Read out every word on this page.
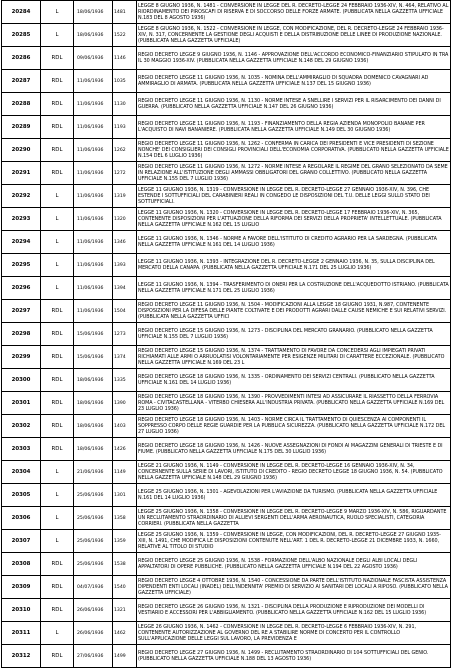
20284	L	18/06/1936	1481	LEGGE 8 GIUGNO 1936, N. 1481 - CONVERSIONE IN LEGGE DEL R. DECRETO-LEGGE 24 FEBBRAIO 1936-XIV, N. 464, RELATIVO AL RIORDINAMENTO DEI PIROSCAFI DI RISERVA E DI SOCCORSO DELLE FORZE ARMATE. (PUBBLICATA NELLA GAZZETTA UFFICIALE N.183 DEL 8 AGOSTO 1936)
20285	L	18/06/1936	1522	LEGGE 8 GIUGNO 1936, N. 1522 - CONVERSIONE IN LEGGE, CON MODIFICAZIONE, DEL R. DECRETO-LEGGE 24 FEBBRAIO 1936-XIV, N. 317, CONCERNENTE LA GESTIONE DEGLI ACQUISTI E DELLA DISTRIBUZIONE DELLE LINEE DI PRODUZIONE NAZIONALE. (PUBBLICATA NELLA GAZZETTA UFFICIALE)
20286	RDL	09/06/1936	1146	REGIO DECRETO LEGGE 9 GIUGNO 1936, N. 1146 - APPROVAZIONE DELL'ACCORDO ECONOMICO-FINANZIARIO STIPULATO IN TRA IL 30 MAGGIO 1936-XIV. (PUBBLICATA NELLA GAZZETTA UFFICIALE N.148 DEL 29 GIUGNO 1936)
20287	RDL	11/06/1936	1035	REGIO DECRETO LEGGE 11 GIUGNO 1936, N. 1035 - NOMINA DELL'AMMIRAGLIO DI SQUADRA DOMENICO CAVAGNARI AD AMMIRAGLIO DI ARMATA. (PUBBLICATA NELLA GAZZETTA UFFICIALE N.137 DEL 15 GIUGNO 1936)
20288	RDL	11/06/1936	1130	REGIO DECRETO LEGGE 11 GIUGNO 1936, N. 1130 - NORME INTESE A SNELLIRE I SERVIZI PER IL RISARCIMENTO DEI DANNI DI GUERRA. (PUBBLICATO NELLA GAZZETTA UFFICIALE N.147 DEL 26 GIUGNO 1936)
20289	RDL	11/06/1936	1193	REGIO DECRETO LEGGE 11 GIUGNO 1936, N. 1193 - FINANZIAMENTO DELLA REGIA AZIENDA MONOPOLIO BANANE PER L'ACQUISTO DI NAVI BANANIERE. (PUBBLICATA NELLA GAZZETTA UFFICIALE N.149 DEL 30 GIUGNO 1936)
20290	RDL	11/06/1936	1262	REGIO DECRETO LEGGE 11 GIUGNO 1936, N. 1262 - CONFERMA IN CARICA DEI PRESIDENTI E VICE PRESIDENTI DI SEZIONE NONCHE' DEI CONSIGLIERI DEI CONSIGLI PROVINCIALI DELL'ECONOMIA CORPORATIVA. (PUBBLICATO NELLA GAZZETTA UFFICIALE N.154 DEL 6 LUGLIO 1936)
20291	RDL	11/06/1936	1272	REGIO DECRETO LEGGE 11 GIUGNO 1936, N. 1272 - NORME INTESE A REGOLARE IL REGIME DEL GRANO SELEZIONATO DA SEME IN RELAZIONE ALL'ISTITUZIONE DEGLI AMMASSI OBBLIGATORI DEL GRANO COLLETTIVO. (PUBBLICATO NELLA GAZZETTA UFFICIALE N.155 DEL 7 LUGLIO 1936)
20292	L	11/06/1936	1319	LEGGE 11 GIUGNO 1936, N. 1319 - CONVERSIONE IN LEGGE DEL R. DECRETO-LEGGE 27 GENNAIO 1936-XIV, N. 396, CHE ESTENDE I SOTTUFFICIALI DEL CARABINIERI REALI IN CONGEDO LE DISPOSIZIONI DEL T.U. DELLE LEGGI SULLO STATO DEI SOTTUFFICIALI.
20293	L	11/06/1936	1320	LEGGE 11 GIUGNO 1936, N. 1320 - CONVERSIONE IN LEGGE DEL R. DECRETO-LEGGE 17 FEBBRAIO 1936-XIV, N. 365, CONTENENTE DISPOSIZIONI PER L'ATTUAZIONE DELLA RIFORMA DEI SERVIZI DELLA PROPRIETA' INTELLETTUALE. (PUBBLICATA NELLA GAZZETTA UFFICIALE N.162 DEL 15 LUGLIO
20294	L	11/06/1936	1346	LEGGE 11 GIUGNO 1936, N. 1346 - NORME A FAVORE DELL'ISTITUTO DI CREDITO AGRARIO PER LA SARDEGNA. (PUBBLICATA NELLA GAZZETTA UFFICIALE N.161 DEL 14 LUGLIO 1936)
20295	L	11/06/1936	1393	LEGGE 11 GIUGNO 1936, N. 1393 - INTEGRAZIONE DEL R. DECRETO-LEGGE 2 GENNAIO 1936, N. 35, SULLA DISCIPLINA DEL MERCATO DELLA CANAPA. (PUBBLICATA NELLA GAZZETTA UFFICIALE N.171 DEL 25 LUGLIO 1936)
20296	L	11/06/1936	1394	LEGGE 11 GIUGNO 1936, N. 1394 - TRASFERIMENTO DI ONERI PER LA COSTRUZIONE DELL'ACQUEDOTTO ISTRIANO. (PUBBLICATA NELLA GAZZETTA UFFICIALE N.171 DEL 25 LUGLIO 1936)
20297	RDL	11/06/1936	1504	REGIO DECRETO LEGGE 11 GIUGNO 1936, N. 1504 - MODIFICAZIONI ALLA LEGGE 18 GIUGNO 1931, N.987, CONTENENTE DISPOSIZIONI PER LA DIFESA DELLE PIANTE COLTIVATE E DEI PRODOTTI AGRARI DALLE CAUSE NEMICHE E SUI RELATIVI SERVIZI. (PUBBLICATA NELLA GAZZETTA UFFICI
20298	RDL	15/06/1936	1273	REGIO DECRETO LEGGE 15 GIUGNO 1936, N. 1273 - DISCIPLINA DEL MERCATO GRANARIO. (PUBBLICATO NELLA GAZZETTA UFFICIALE N.155 DEL 7 LUGLIO 1936)
20299	RDL	15/06/1936	1374	REGIO DECRETO LEGGE 15 GIUGNO 1936, N. 1374 - TRATTAMENTO DI FAVORE DA CONCEDERSI AGLI IMPIEGATI PRIVATI RICHIAMATI ALLE ARMI O ARRUOLATISI VOLONTARIAMENTE PER ESIGENZE MILITARI DI CARATTERE ECCEZIONALE. (PUBBLICATO NELLA GAZZETTA UFFICIALE N.169 DEL 23 L
20300	RDL	18/06/1936	1335	REGIO DECRETO LEGGE 18 GIUGNO 1936, N. 1335 - ORDINAMENTO DEI SERVIZI CENTRALI. (PUBBLICATO NELLA GAZZETTA UFFICIALE N.161 DEL 14 LUGLIO 1936)
20301	RDL	18/06/1936	1390	REGIO DECRETO LEGGE 18 GIUGNO 1936, N. 1390 - PROVVEDIMENTI INTESI AD ASSICURARE IL RIASSETTO DELLA FERROVIA ROMA - CIVITACASTELLANA - VITERBO CHIESERA ALL'INDUSTRIA PRIVATA. (PUBBLICATO NELLA GAZZETTA UFFICIALE N.169 DEL 23 LUGLIO 1936)
20302	RDL	18/06/1936	1403	REGIO DECRETO LEGGE 18 GIUGNO 1936, N. 1403 - NORME CIRCA IL TRATTAMENTO DI QUIESCENZA AI COMPONENTI IL SOPPRESSO CORPO DELLE REGIE GUARDIE PER LA PUBBLICA SICUREZZA. (PUBBLICATO NELLA GAZZETTA UFFICIALE N.172 DEL 27 LUGLIO 1936)
20303	RDL	18/06/1936	1426	REGIO DECRETO LEGGE 18 GIUGNO 1936, N. 1426 - NUOVE ASSEGNAZIONI DI FONDI AI MAGAZZINI GENERALI DI TRIESTE E DI FIUME. (PUBBLICATO NELLA GAZZETTA UFFICIALE N.175 DEL 30 LUGLIO 1936)
20304	L	21/06/1936	1149	LEGGE 21 GIUGNO 1936, N. 1149 - CONVERSIONE IN LEGGE DEL R. DECRETO-LEGGE 16 GENNAIO 1936-XIV, N. 34, CONCERNENTE SULLA SERIE DI LAVORI, ISTITUTO DI CREDITO - REGIO DECRETO LEGGE 18 GIUGNO 1936, N. 54. (PUBBLICATO NELLA GAZZETTA UFFICIALE N.148 DEL 29 GIUGNO 1936)
20305	L	25/06/1936	1301	LEGGE 25 GIUGNO 1936, N. 1301 - AGEVOLAZIONI PER L'AVIAZIONE DA TURISMO. (PUBBLICATA NELLA GAZZETTA UFFICIALE N.161 DEL 14 LUGLIO 1936)
20306	L	25/06/1936	1358	LEGGE 25 GIUGNO 1936, N. 1358 - CONVERSIONE IN LEGGE DEL R. DECRETO-LEGGE 9 MARZO 1936-XIV, N. 586, RIGUARDANTE UN RECLUTAMENTO STRAORDINARIO DI ALLIEVI SERGENTI DELL'ARMA AERONAUTICA, RUOLO SPECIALISTI, CATEGORIA CORRIERI. (PUBBLICATA NELLA GAZZETTA
20307	L	25/06/1936	1359	LEGGE 25 GIUGNO 1936, N. 1359 - CONVERSIONE IN LEGGE, CON MODIFICAZIONI, DEL R. DECRETO-LEGGE 27 GIUGNO 1935-XIII, N. 1491, CHE MODIFICA LE DISPOSIZIONI CONTENUTE NELL'ART. 1 DEL R. DECRETO-LEGGE 21 DICEMBRE 1933, N. 1660, RELATIVE AL TITOLO DI STUDIO
20308	RDL	25/06/1936	1538	REGIO DECRETO LEGGE 25 GIUGNO 1936, N. 1538 - FORMAZIONE DELL'ALBO NAZIONALE DEGLI ALBI LOCALI DEGLI APPALTATORI DI OPERE PUBBLICHE. (PUBBLICATO NELLA GAZZETTA UFFICIALE N.194 DEL 22 AGOSTO 1936)
20309	RDL	04/07/1936	1540	REGIO DECRETO LEGGE 4 OTTOBRE 1936, N. 1540 - CONCESSIONE DA PARTE DELL'ISTITUTO NAZIONALE FASCISTA ASSISTENZA DIPENDENTI ENTI LOCALI (INADEL) DELL'INDENNITA' PREMIO DI SERVIZIO AI SANITARI DEI LOCALI A RIPOSO. (PUBBLICATO NELLA GAZZETTA UFFICIALE)
20310	RDL	26/06/1936	1321	REGIO DECRETO LEGGE 26 GIUGNO 1936, N. 1321 - DISCIPLINA DELLA PRODUZIONE E RIPRODUZIONE DEI MODELLI DI VESTIARIO E ACCESSORI PER L'ABBIGLIAMENTO. (PUBBLICATO NELLA GAZZETTA UFFICIALE N.162 DEL 15 LUGLIO 1936)
20311	L	26/06/1936	1462	LEGGE 26 GIUGNO 1936, N. 1462 - CONVERSIONE IN LEGGE DEL R. DECRETO-LEGGE 6 FEBBRAIO 1936-XIV, N. 291, CONTENENTE AUTORIZZAZIONE AL GOVERNO DEL RE A STABILIRE NORME DI CONCERTO PER IL CONTROLLO SULL'APPLICAZIONE DELLE LEGGI SUL LAVORO, LA PREVIDENZA E
20312	RDL	27/06/1936	1499	REGIO DECRETO LEGGE 27 GIUGNO 1936, N. 1499 - RECLUTAMENTO STRAORDINARIO DI 104 SOTTUFFICIALI DEL GENIO. (PUBBLICATO NELLA GAZZETTA UFFICIALE N.188 DEL 13 AGOSTO 1936)
